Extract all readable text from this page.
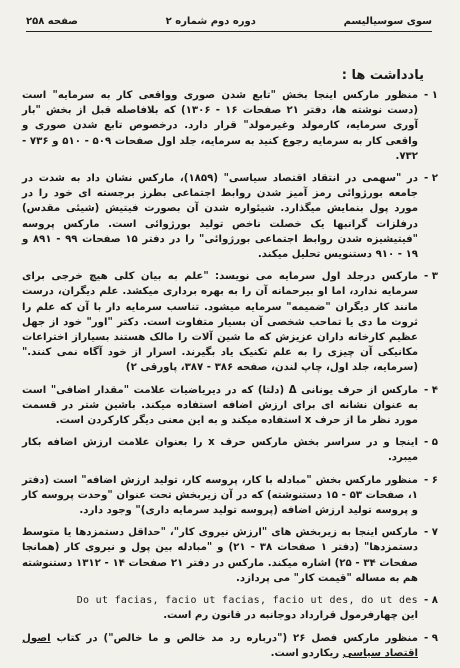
صفحه ۲۵۸	دوره دوم شماره ۲	سوی سوسیالیسم
یادداشت ها :
۱ -
منظور مارکس اینجا بخش "تابع شدن صوری وواقعی کار به سرمایه" است (دست نوشته ها، دفتر ۲۱ صفحات ۱۶ - ۱۳۰۶) که بلافاصله قبل از بخش "بار آوری سرمایه، کارمولد وغیرمولد" قرار دارد. درخصوص تابع شدن صوری و واقعی کار به سرمایه رجوع کنید به سرمایه، جلد اول صفحات ۵۰۹ - ۵۱۰ و ۷۳۶ - ۷۳۲.
۲ -
در "سهمی در انتقاد اقتصاد سیاسی" (۱۸۵۹)، مارکس نشان داد به شدت در جامعه بورژوائی رمز آمیز شدن روابط اجتماعی بطرز برجسته ای خود را در مورد پول بنمایش میگذارد. شیئواره شدن آن بصورت فیتیش (شیئی مقدس) درفلزات گرانبها یک خصلت ناخص تولید بورژوائی است. مارکس پروسه "فیتیشیزه شدن روابط اجتماعی بورژوائی" را در دفتر ۱۵ صفحات ۹۹ - ۸۹۱ و ۱۹ - ۹۱۰ دستنویس تحلیل میکند.
۳ -
مارکس درجلد اول سرمایه می نویسد: "علم به بیان کلی هیچ خرجی برای سرمایه ندارد، اما او بیرحمانه آن را به بهره برداری میکشد. علم دیگران، درست مانند کار دیگران "ضمیمه" سرمایه میشود. تناسب سرمایه دار با آن که علم را ثروت ما دی یا تماحب شخصی آن بسیار متفاوت است. دکتر "اور" خود از جهل عظیم کارخانه داران عزیزش که ما شین آلات را مالک هستند بسیاراز اختراعات مکانیکی آن چیزی را به علم تکنیک یاد بگیرند. اسرار از خود آگاه نمی کنند." (سرمایه، جلد اول، چاپ لندن، صفحه ۳۸۶ - ۳۸۷، پاورقی ۲)
۴ -
مارکس از حرف یونانی Δ (دلتا) که در دیریاضیات علامت "مقدار اضافی" است به عنوان نشانه ای برای ارزش اضافه استفاده میکند. باشین شتر در قسمت مورد نظر ما از حرف x استفاده میکند و به این معنی دیگر کارکردن است.
۵ -
اینجا و در سراسر بخش مارکس حرف x را بعنوان علامت ارزش اضافه بکار میبرد.
۶ -
منظور مارکس بخش "مبادله با کار، پروسه کار، تولید ارزش اضافه" است (دفتر ۱، صفحات ۵۳ - ۱۵ دستنوشته) که در آن زیربخش تحت عنوان "وحدت پروسه کار و پروسه تولید ارزش اضافه (پروسه تولید سرمایه داری)" وجود دارد.
۷ -
مارکس اینجا به زیربخش های "ارزش نیروی کار"، "حداقل دستمزدها یا متوسط دستمزدها" (دفتر ۱ صفحات ۳۸ - ۲۱) و "مبادله بین پول و نیروی کار (همانجا صفحات ۳۴ - ۲۵) اشاره میکند. مارکس در دفتر ۲۱ صفحات ۱۴ - ۱۳۱۲ دستنوشته هم به مساله "قیمت کار" می پردازد.
۸ -
Do ut facias, facio ut facias, facio ut des, do ut des
این چهارفرمول قرارداد دوجانبه در قانون رم است.
۹ -
منظور مارکس فصل ۲۶ ("درباره رد مد خالص و ما خالص") در کتاب اصول اقتصاد سیاسی ریکاردو است.
